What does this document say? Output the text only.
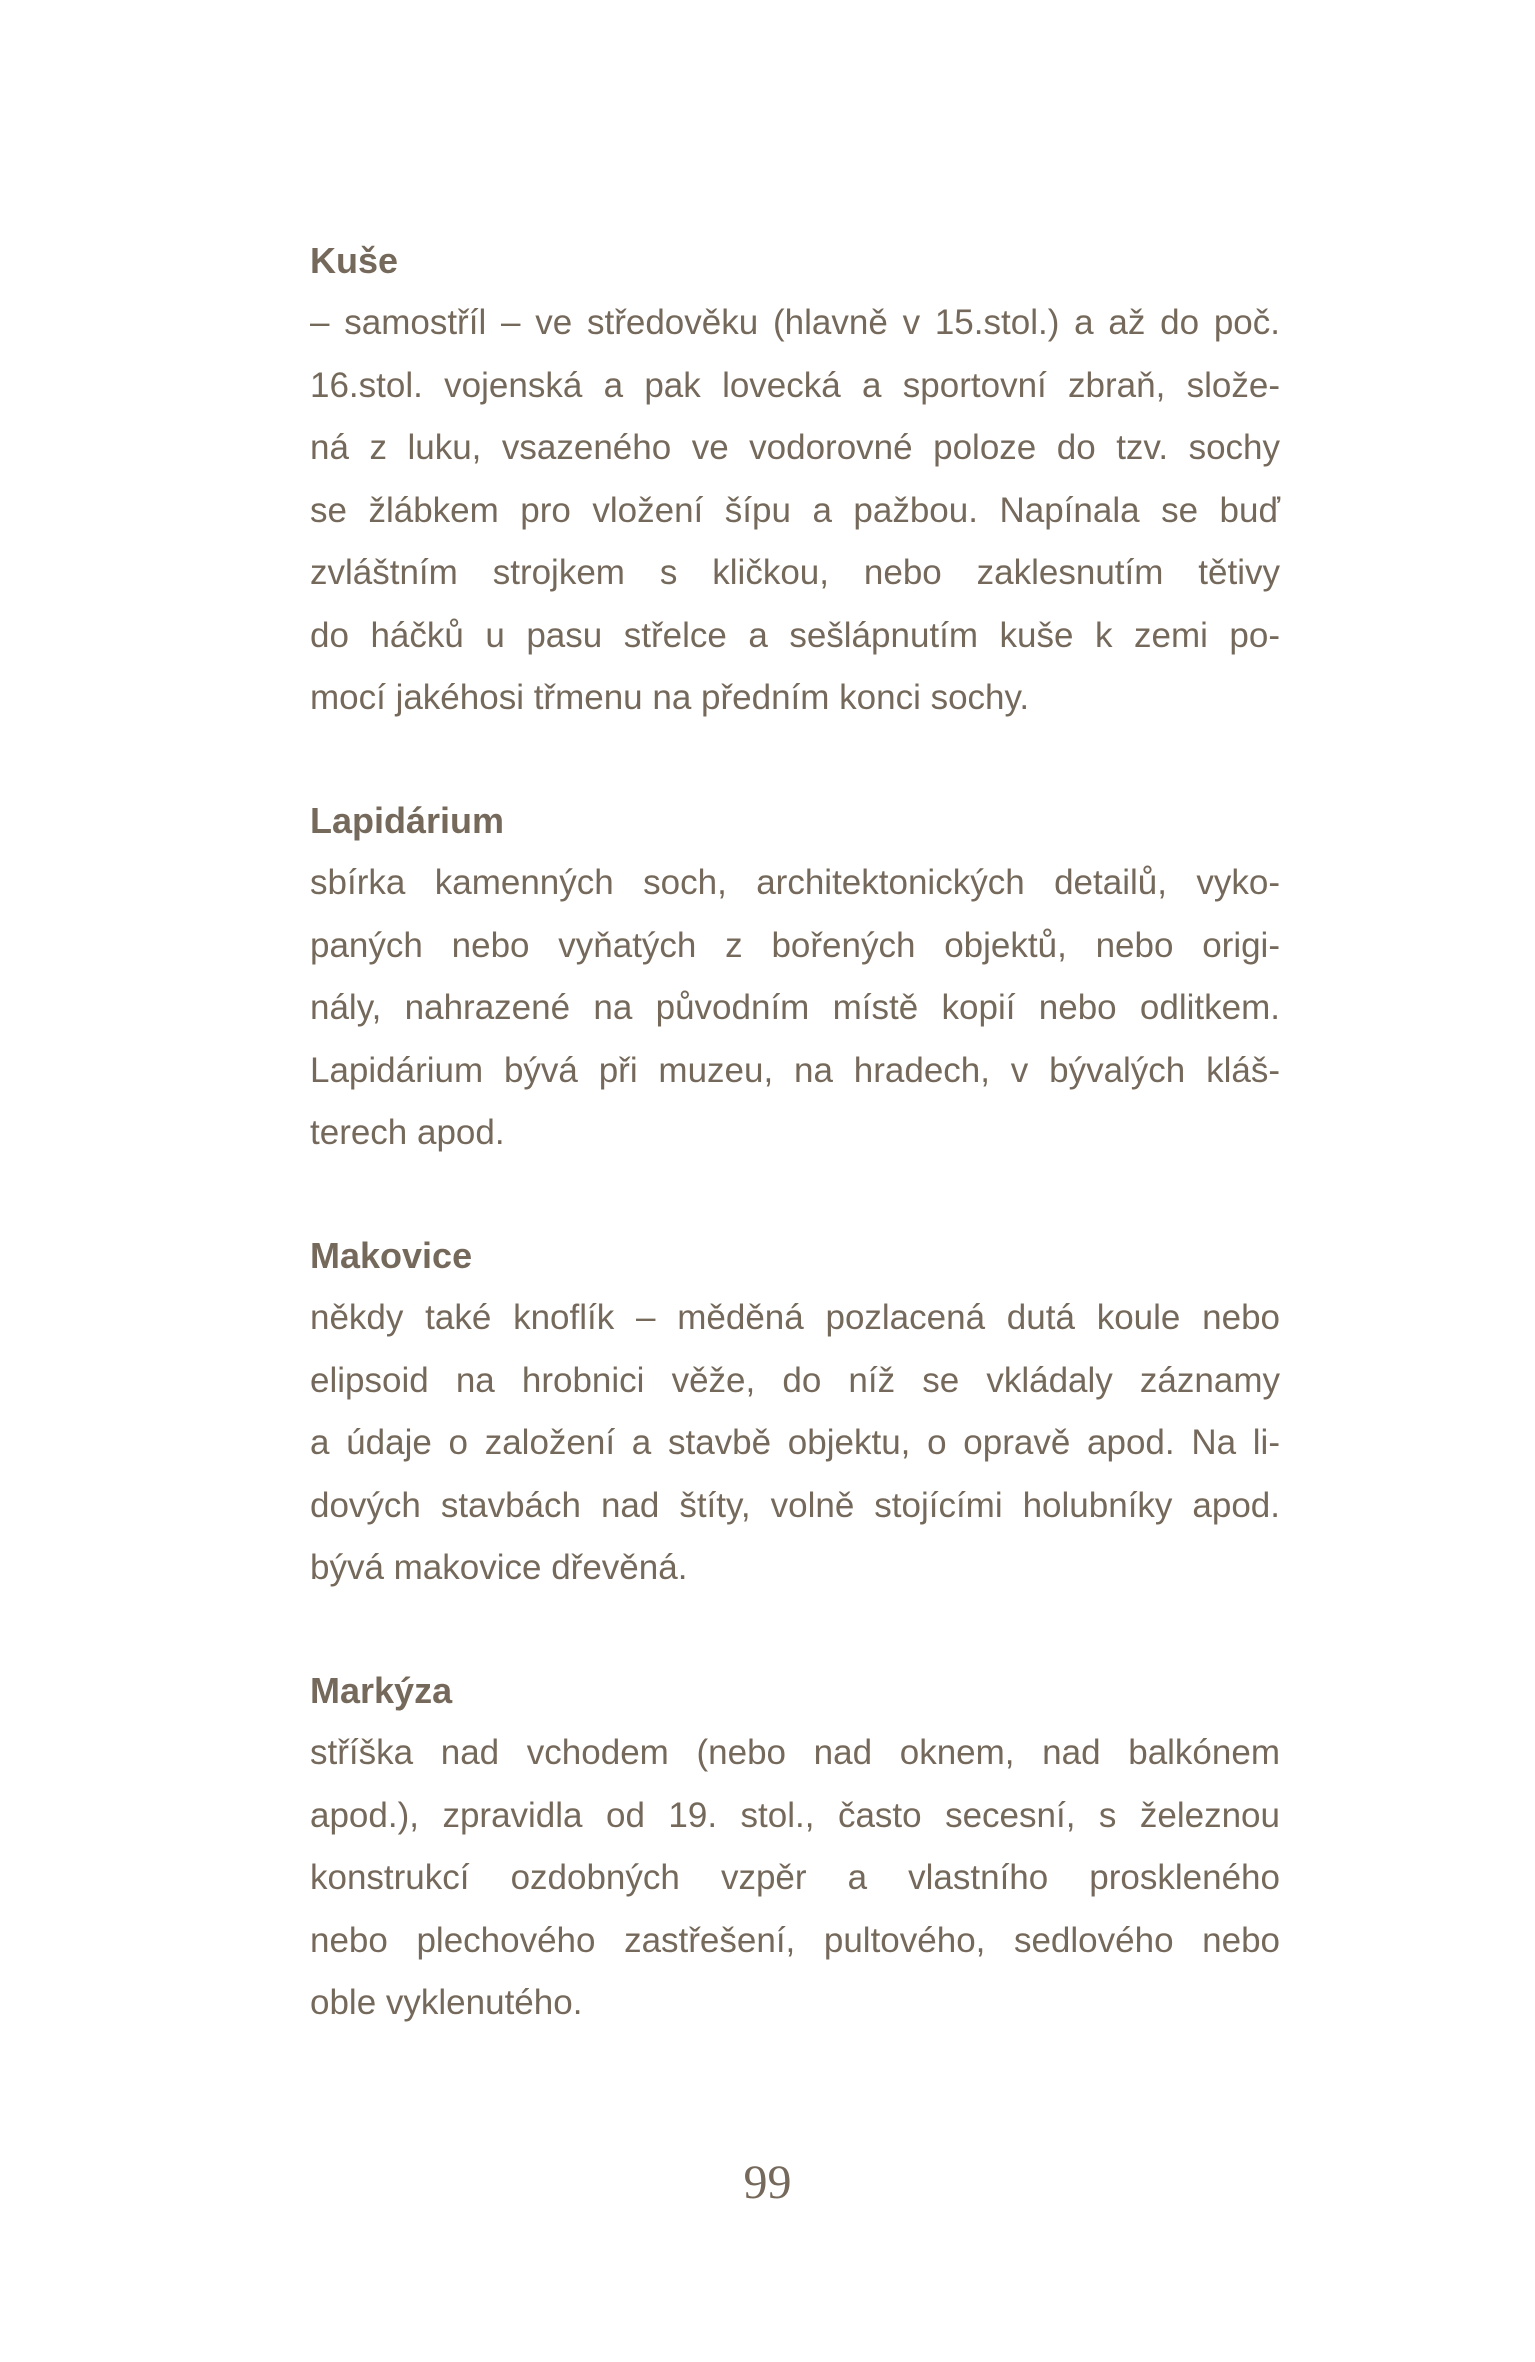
Kuše
– samostříl – ve středověku (hlavně v 15.stol.) a až do poč.
16.stol. vojenská a pak lovecká a sportovní zbraň, slože-
ná z luku, vsazeného ve vodorovné poloze do tzv. sochy
se žlábkem pro vložení šípu a pažbou. Napínala se buď
zvláštním strojkem s kličkou, nebo zaklesnutím tětivy
do háčků u pasu střelce a sešlápnutím kuše k zemi po-
mocí jakéhosi třmenu na předním konci sochy.
Lapidárium
sbírka kamenných soch, architektonických detailů, vyko-
paných nebo vyňatých z bořených objektů, nebo origi-
nály, nahrazené na původním místě kopií nebo odlitkem.
Lapidárium bývá při muzeu, na hradech, v bývalých kláš-
terech apod.
Makovice
někdy také knoflík – měděná pozlacená dutá koule nebo
elipsoid na hrobnici věže, do níž se vkládaly záznamy
a údaje o založení a stavbě objektu, o opravě apod. Na li-
dových stavbách nad štíty, volně stojícími holubníky apod.
bývá makovice dřevěná.
Markýza
stříška nad vchodem (nebo nad oknem, nad balkónem
apod.), zpravidla od 19. stol., často secesní, s železnou
konstrukcí ozdobných vzpěr a vlastního proskleného
nebo plechového zastřešení, pultového, sedlového nebo
oble vyklenutého.
99
